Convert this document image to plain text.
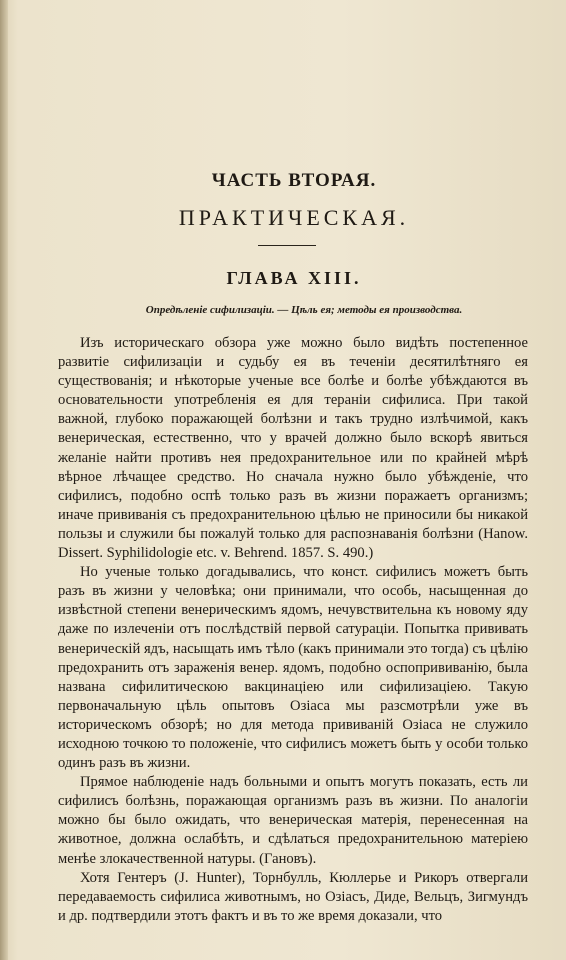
ЧАСТЬ ВТОРАЯ.
ПРАКТИЧЕСКАЯ.
ГЛАВА XIII.
Опредѣленіе сифилизаціи. — Цѣль ея; методы ея производства.

Изъ историческаго обзора уже можно было видѣть постепенное развитіе сифилизаціи и судьбу ея въ теченіи десятилѣтняго ея существованія; и нѣкоторые ученые все болѣе и болѣе убѣждаются въ основательности употребленія ея для тераніи сифилиса. При такой важной, глубоко поражающей болѣзни и такъ трудно излѣчимой, какъ венерическая, естественно, что у врачей должно было вскорѣ явиться желаніе найти противъ нея предохранительное или по крайней мѣрѣ вѣрное лѣчащее средство. Но сначала нужно было убѣжденіе, что сифилисъ, подобно оспѣ только разъ въ жизни поражаетъ организмъ; иначе прививанія съ предохранительною цѣлью не приносили бы никакой пользы и служили бы пожалуй только для распознаванія болѣзни (Hanow. Dissert. Syphilidologie etc. v. Behrend. 1857. S. 490.)

Но ученые только догадывались, что конст. сифилисъ можетъ быть разъ въ жизни у человѣка; они принимали, что особь, насыщенная до извѣстной степени венерическимъ ядомъ, нечувствительна къ новому яду даже по излеченіи отъ послѣдствій первой сатураціи. Попытка прививать венерическій ядъ, насыщать имъ тѣло (какъ принимали это тогда) съ цѣлію предохранить отъ зараженія венер. ядомъ, подобно оспопрививанію, была названа сифилитическою вакцинаціею или сифилизаціею. Такую первоначальную цѣль опытовъ Озіаса мы разсмотрѣли уже въ историческомъ обзорѣ; но для метода прививаній Озіаса не служило исходною точкою то положеніе, что сифилисъ можетъ быть у особи только одинъ разъ въ жизни.

Прямое наблюденіе надъ больными и опытъ могутъ показать, есть ли сифилисъ болѣзнь, поражающая организмъ разъ въ жизни. По аналогіи можно бы было ожидать, что венерическая матерія, перенесенная на животное, должна ослабѣть, и сдѣлаться предохранительною матеріею менѣе злокачественной натуры. (Гановъ).

Хотя Гентеръ (J. Hunter), Торнбулль, Кюллерье и Рикоръ отвергали передаваемость сифилиса животнымъ, но Озіасъ, Диде, Вельцъ, Зигмундъ и др. подтвердили этотъ фактъ и въ то же время доказали, что
